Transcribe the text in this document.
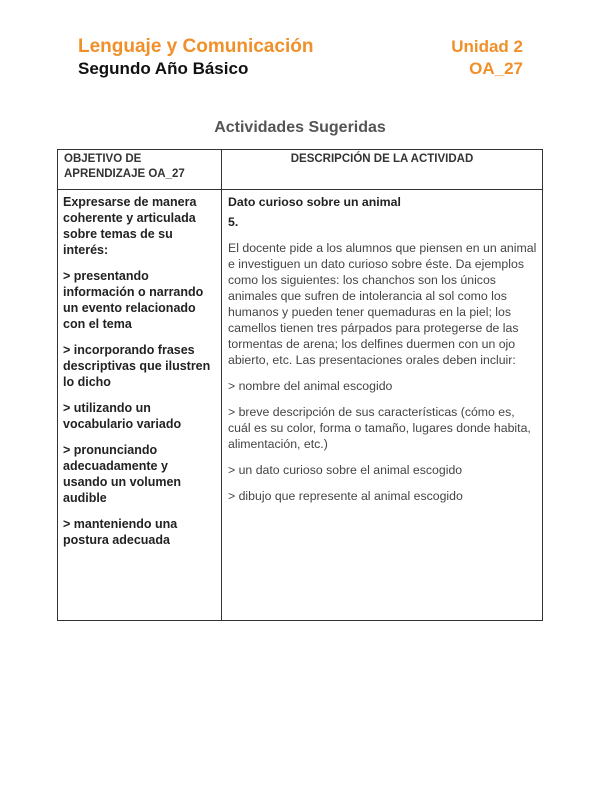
Lenguaje y Comunicación
Segundo Año Básico
Unidad 2
OA_27
Actividades Sugeridas
OBJETIVO DE APRENDIZAJE OA_27
DESCRIPCIÓN DE LA ACTIVIDAD

Expresarse de manera coherente y articulada sobre temas de su interés:

> presentando información o narrando un evento relacionado con el tema

> incorporando frases descriptivas que ilustren lo dicho

> utilizando un vocabulario variado

> pronunciando adecuadamente y usando un volumen audible

> manteniendo una postura adecuada

Dato curioso sobre un animal

5.

El docente pide a los alumnos que piensen en un animal e investiguen un dato curioso sobre éste. Da ejemplos como los siguientes: los chanchos son los únicos animales que sufren de intolerancia al sol como los humanos y pueden tener quemaduras en la piel; los camellos tienen tres párpados para protegerse de las tormentas de arena; los delfines duermen con un ojo abierto, etc. Las presentaciones orales deben incluir:

> nombre del animal escogido

> breve descripción de sus características (cómo es, cuál es su color, forma o tamaño, lugares donde habita, alimentación, etc.)

> un dato curioso sobre el animal escogido

> dibujo que represente al animal escogido
